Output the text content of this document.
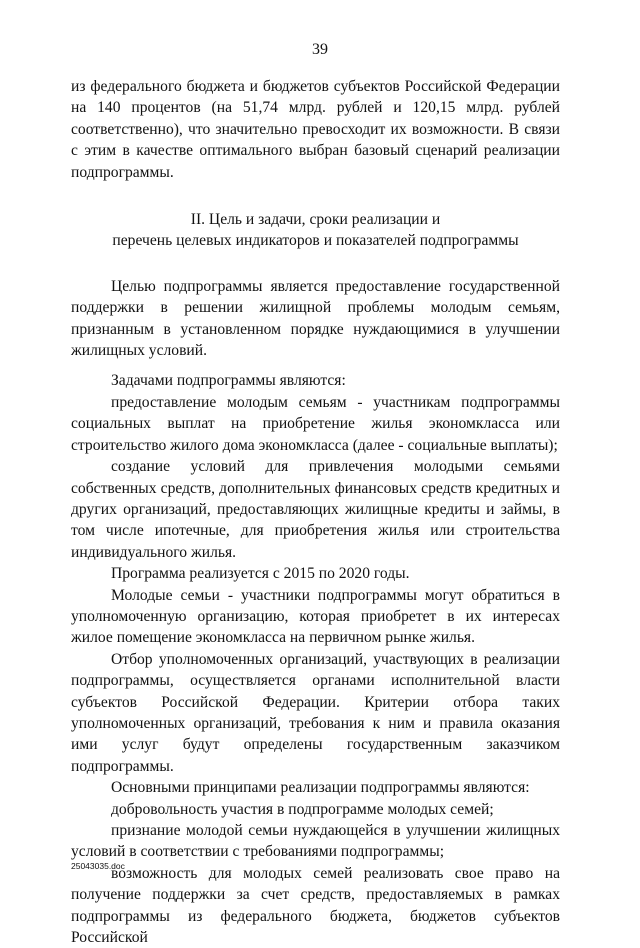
39

из федерального бюджета и бюджетов субъектов Российской Федерации на 140 процентов (на 51,74 млрд. рублей и 120,15 млрд. рублей соответственно), что значительно превосходит их возможности. В связи с этим в качестве оптимального выбран базовый сценарий реализации подпрограммы.

II. Цель и задачи, сроки реализации и
перечень целевых индикаторов и показателей подпрограммы

Целью подпрограммы является предоставление государственной поддержки в решении жилищной проблемы молодым семьям, признанным в установленном порядке нуждающимися в улучшении жилищных условий.

Задачами подпрограммы являются:

предоставление молодым семьям - участникам подпрограммы социальных выплат на приобретение жилья экономкласса или строительство жилого дома экономкласса (далее - социальные выплаты);

создание условий для привлечения молодыми семьями собственных средств, дополнительных финансовых средств кредитных и других организаций, предоставляющих жилищные кредиты и займы, в том числе ипотечные, для приобретения жилья или строительства индивидуального жилья.

Программа реализуется с 2015 по 2020 годы.

Молодые семьи - участники подпрограммы могут обратиться в уполномоченную организацию, которая приобретет в их интересах жилое помещение экономкласса на первичном рынке жилья.

Отбор уполномоченных организаций, участвующих в реализации подпрограммы, осуществляется органами исполнительной власти субъектов Российской Федерации. Критерии отбора таких уполномоченных организаций, требования к ним и правила оказания ими услуг будут определены государственным заказчиком подпрограммы.

Основными принципами реализации подпрограммы являются:

добровольность участия в подпрограмме молодых семей;

признание молодой семьи нуждающейся в улучшении жилищных условий в соответствии с требованиями подпрограммы;

возможность для молодых семей реализовать свое право на получение поддержки за счет средств, предоставляемых в рамках подпрограммы из федерального бюджета, бюджетов субъектов Российской

25043035.doc
